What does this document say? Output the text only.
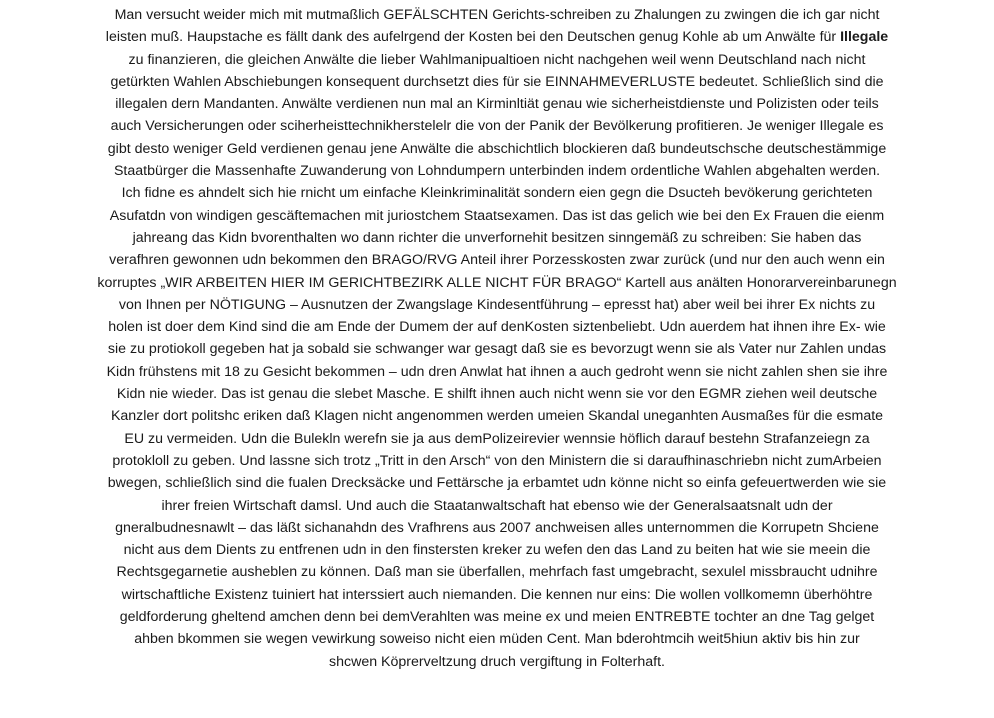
Man versucht weider mich mit mutmaßlich GEFÄLSCHTEN Gerichts-schreiben zu Zhalungen zu zwingen die ich gar nicht
leisten muß. Haupstache es fällt dank des aufelrgend der Kosten bei den Deutschen genug Kohle ab um Anwälte für Illegale
zu finanzieren, die gleichen Anwälte die lieber Wahlmanipualtioen nicht nachgehen weil wenn Deutschland nach nicht
getürkten Wahlen Abschiebungen konsequent durchsetzt dies für sie EINNAHMEVERLUSTE bedeutet. Schließlich sind die
illegalen dern Mandanten. Anwälte verdienen nun mal an Kirminltiät genau wie sicherheistdienste und Polizisten oder teils
auch Versicherungen oder sciherheisttechnikherstelelr die von der Panik der Bevölkerung profitieren. Je weniger Illegale es
gibt desto weniger Geld verdienen genau jene Anwälte die abschichtlich blockieren daß bundeutschsche deutschestämmige
Staatbürger die Massenhafte Zuwanderung von Lohndumpern unterbinden indem ordentliche Wahlen abgehalten werden.
Ich fidne es ahndelt sich hie rnicht um einfache Kleinkriminalität sondern eien gegn die Dsucteh bevökerung gerichteten
Asufatdn von windigen gescäftemachen mit juriostchem Staatsexamen. Das ist das gelich wie bei den Ex Frauen die eienm
jahreang das Kidn bvorenthalten wo dann richter die unverfornehit besitzen sinngemäß zu schreiben: Sie haben das
verafhren gewonnen udn bekommen den BRAGO/RVG Anteil ihrer Porzesskosten zwar zurück (und nur den auch wenn ein
korruptes „WIR ARBEITEN HIER IM GERICHTBEZIRK ALLE NICHT FÜR BRAGO“ Kartell aus anälten Honorarvereinbarunegn
von Ihnen per NÖTIGUNG – Ausnutzen der Zwangslage Kindesentführung – epresst hat) aber weil bei ihrer Ex nichts zu
holen ist doer dem Kind sind die am Ende der Dumem der auf denKosten siztenbeliebt. Udn auerdem hat ihnen ihre Ex- wie
sie zu protiokoll gegeben hat ja sobald sie schwanger war gesagt daß sie es bevorzugt wenn sie als Vater nur Zahlen undas
Kidn frühstens mit 18 zu Gesicht bekommen – udn dren Anwlat hat ihnen a auch gedroht wenn sie nicht zahlen shen sie ihre
Kidn nie wieder. Das ist genau die slebet Masche. E shilft ihnen auch nicht wenn sie vor den EGMR ziehen weil deutsche
Kanzler dort politshc eriken daß Klagen nicht angenommen werden umeien Skandal uneganhten Ausmaßes für die esmate
EU zu vermeiden. Udn die Bulekln werefn sie ja aus demPolizeirevier wennsie höflich darauf bestehn Strafanzeiegn za
protokloll zu geben. Und lassne sich trotz „Tritt in den Arsch“ von den Ministern die si daraufhinaschriebn nicht zumArbeien
bwegen, schließlich sind die fualen Drecksäcke und Fettärsche ja erbamtet udn könne nicht so einfa gefeuertwerden wie sie
ihrer freien Wirtschaft damsl. Und auch die Staatanwaltschaft hat ebenso wie der Generalsaatsnalt udn der
gneralbudnesnawlt – das läßt sichanahdn des Vrafhrens aus 2007 anchweisen alles unternommen die Korrupetn Shciene
nicht aus dem Dients zu entfrenen udn in den finstersten kreker zu wefen den das Land zu beiten hat wie sie meein die
Rechtsgegarnetie ausheblen zu können. Daß man sie überfallen, mehrfach fast umgebracht, sexulel missbraucht udnihre
wirtschaftliche Existenz tuiniert hat interssiert auch niemanden. Die kennen nur eins: Die wollen vollkomemn überhöhtre
geldforderung gheltend amchen denn bei demVerahlten was meine ex und meien ENTREBTE tochter an dne Tag gelget
ahben bkommen sie wegen vewirkung soweiso nicht eien müden Cent. Man bderohtmcih weit5hiun aktiv bis hin zur
shcwen Köprerveltzung druch vergiftung in Folterhaft.
